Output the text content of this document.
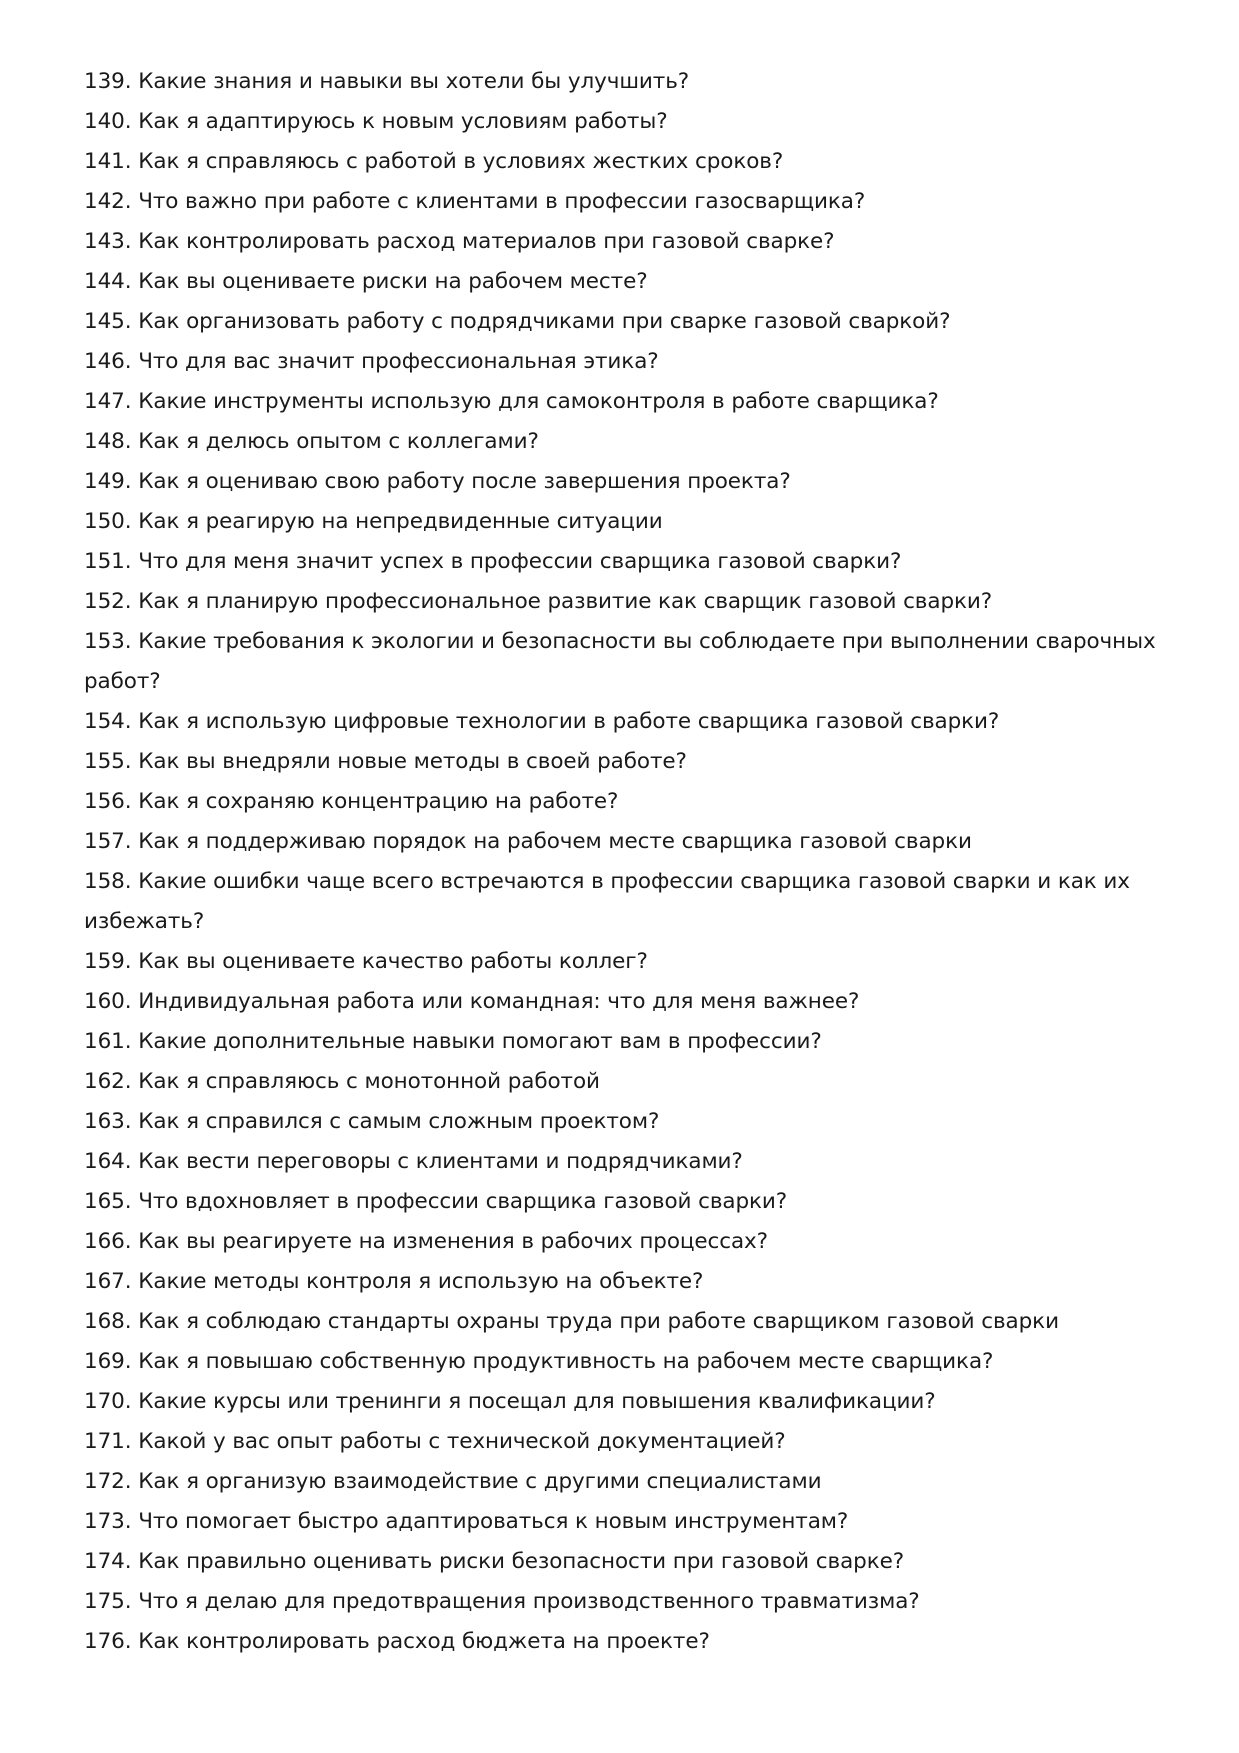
139. Какие знания и навыки вы хотели бы улучшить?

140. Как я адаптируюсь к новым условиям работы?

141. Как я справляюсь с работой в условиях жестких сроков?

142. Что важно при работе с клиентами в профессии газосварщика?

143. Как контролировать расход материалов при газовой сварке?

144. Как вы оцениваете риски на рабочем месте?

145. Как организовать работу с подрядчиками при сварке газовой сваркой?

146. Что для вас значит профессиональная этика?

147. Какие инструменты использую для самоконтроля в работе сварщика?

148. Как я делюсь опытом с коллегами?

149. Как я оцениваю свою работу после завершения проекта?

150. Как я реагирую на непредвиденные ситуации

151. Что для меня значит успех в профессии сварщика газовой сварки?

152. Как я планирую профессиональное развитие как сварщик газовой сварки?

153. Какие требования к экологии и безопасности вы соблюдаете при выполнении сварочных работ?

154. Как я использую цифровые технологии в работе сварщика газовой сварки?

155. Как вы внедряли новые методы в своей работе?

156. Как я сохраняю концентрацию на работе?

157. Как я поддерживаю порядок на рабочем месте сварщика газовой сварки

158. Какие ошибки чаще всего встречаются в профессии сварщика газовой сварки и как их избежать?

159. Как вы оцениваете качество работы коллег?

160. Индивидуальная работа или командная: что для меня важнее?

161. Какие дополнительные навыки помогают вам в профессии?

162. Как я справляюсь с монотонной работой

163. Как я справился с самым сложным проектом?

164. Как вести переговоры с клиентами и подрядчиками?

165. Что вдохновляет в профессии сварщика газовой сварки?

166. Как вы реагируете на изменения в рабочих процессах?

167. Какие методы контроля я использую на объекте?

168. Как я соблюдаю стандарты охраны труда при работе сварщиком газовой сварки

169. Как я повышаю собственную продуктивность на рабочем месте сварщика?

170. Какие курсы или тренинги я посещал для повышения квалификации?

171. Какой у вас опыт работы с технической документацией?

172. Как я организую взаимодействие с другими специалистами

173. Что помогает быстро адаптироваться к новым инструментам?

174. Как правильно оценивать риски безопасности при газовой сварке?

175. Что я делаю для предотвращения производственного травматизма?

176. Как контролировать расход бюджета на проекте?
